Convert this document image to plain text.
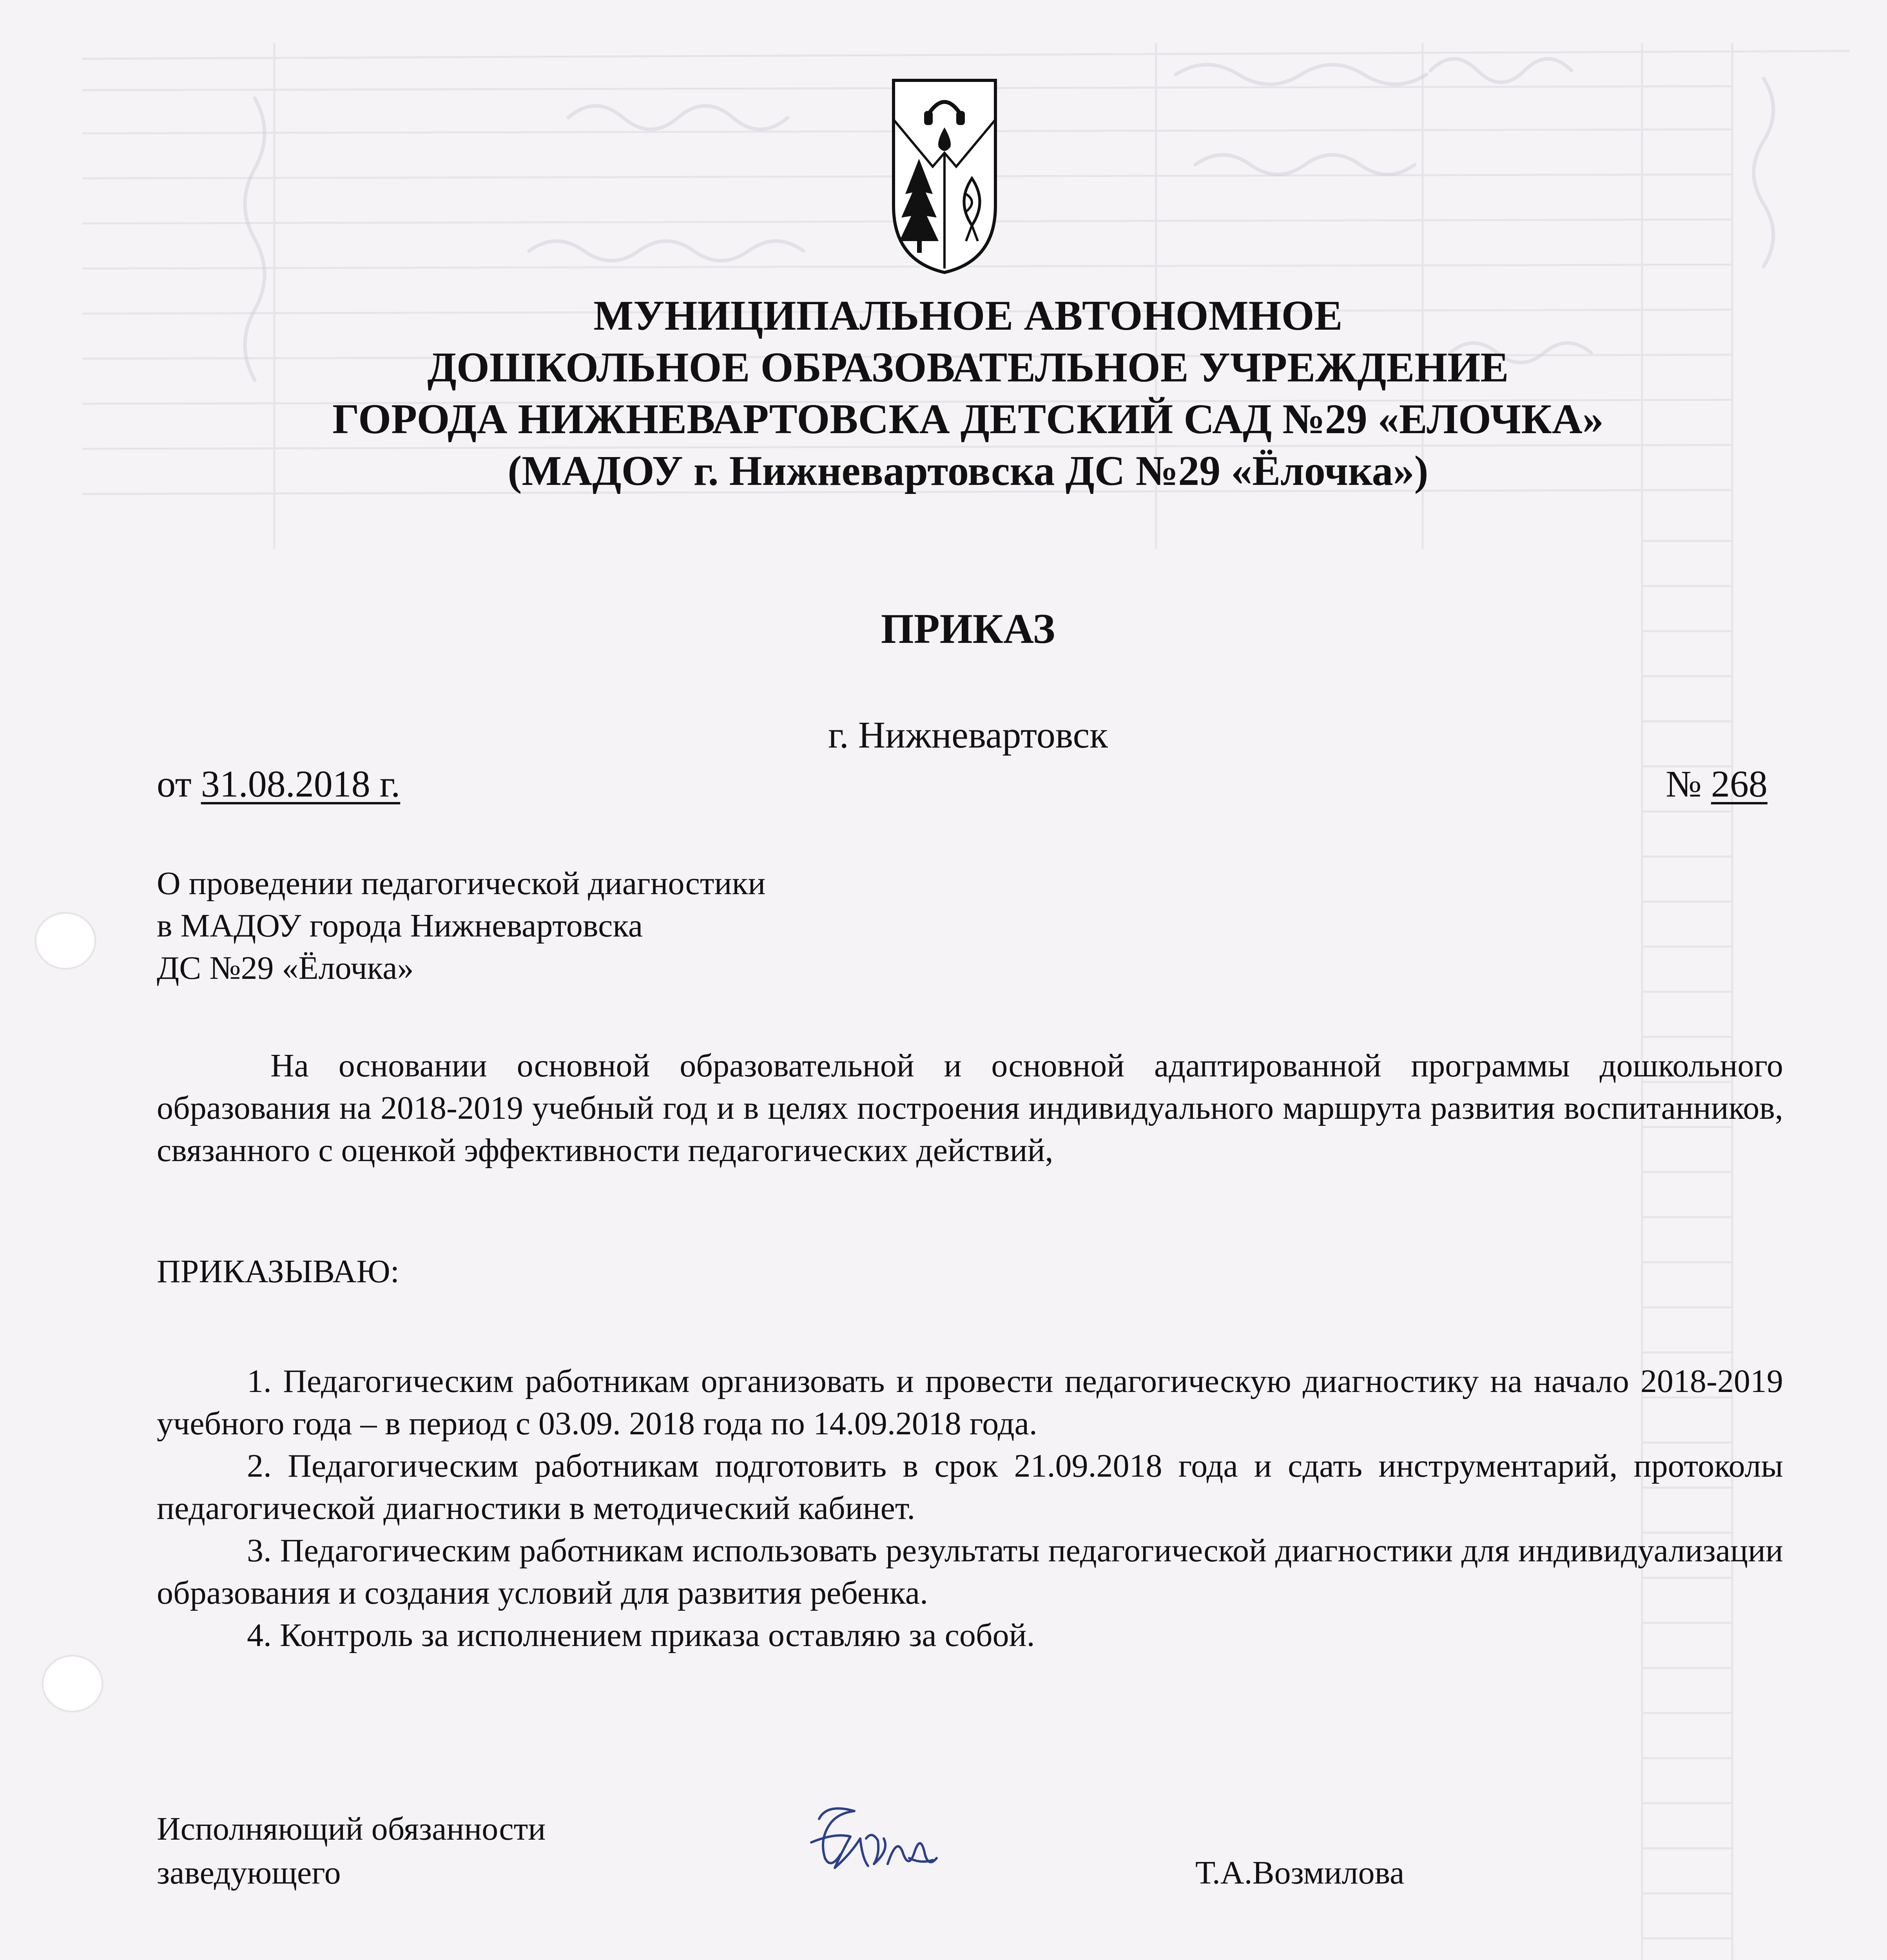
МУНИЦИПАЛЬНОЕ АВТОНОМНОЕ
ДОШКОЛЬНОЕ ОБРАЗОВАТЕЛЬНОЕ УЧРЕЖДЕНИЕ
ГОРОДА НИЖНЕВАРТОВСКА ДЕТСКИЙ САД №29 «ЕЛОЧКА»
(МАДОУ г. Нижневартовска ДС №29 «Ёлочка»)
ПРИКАЗ
г. Нижневартовск
от 31.08.2018 г.	№ 268
О проведении педагогической диагностики
в МАДОУ города Нижневартовска
ДС №29 «Ёлочка»

На основании основной образовательной и основной адаптированной программы дошкольного образования на 2018-2019 учебный год и в целях построения индивидуального маршрута развития воспитанников, связанного с оценкой эффективности педагогических действий,

ПРИКАЗЫВАЮ:

1. Педагогическим работникам организовать и провести педагогическую диагностику на начало 2018-2019 учебного года – в период с 03.09. 2018 года по 14.09.2018 года.

2. Педагогическим работникам подготовить в срок 21.09.2018 года и сдать инструментарий, протоколы педагогической диагностики в методический кабинет.

3. Педагогическим работникам использовать результаты педагогической диагностики для индивидуализации образования и создания условий для развития ребенка.

4. Контроль за исполнением приказа оставляю за собой.

Исполняющий обязанности
заведующего	Т.А.Возмилова
